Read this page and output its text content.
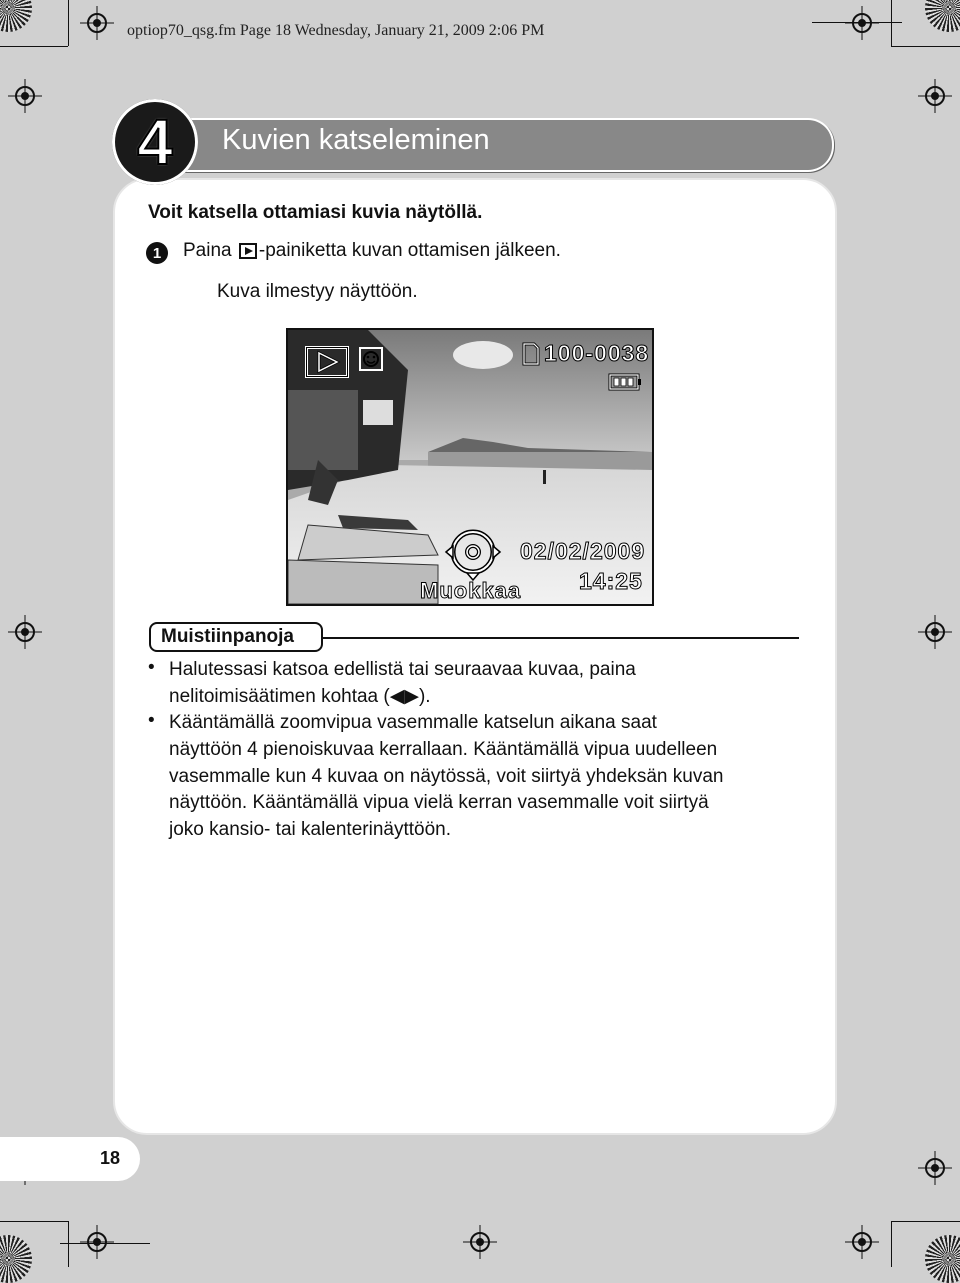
optiop70_qsg.fm Page 18 Wednesday, January 21, 2009 2:06 PM
Kuvien katseleminen
4
Voit katsella ottamiasi kuvia näytöllä.
1	Paina -painiketta kuvan ottamisen jälkeen.
Kuva ilmestyy näyttöön.
100-0038
Muokkaa
02/02/2009
14:25
Muistiinpanoja
• Halutessasi katsoa edellistä tai seuraavaa kuvaa, paina
nelitoimisäätimen kohtaa (◀▶).
• Kääntämällä zoomvipua vasemmalle katselun aikana saat
näyttöön 4 pienoiskuvaa kerrallaan. Kääntämällä vipua uudelleen
vasemmalle kun 4 kuvaa on näytössä, voit siirtyä yhdeksän kuvan
näyttöön. Kääntämällä vipua vielä kerran vasemmalle voit siirtyä
joko kansio- tai kalenterinäyttöön.
18
